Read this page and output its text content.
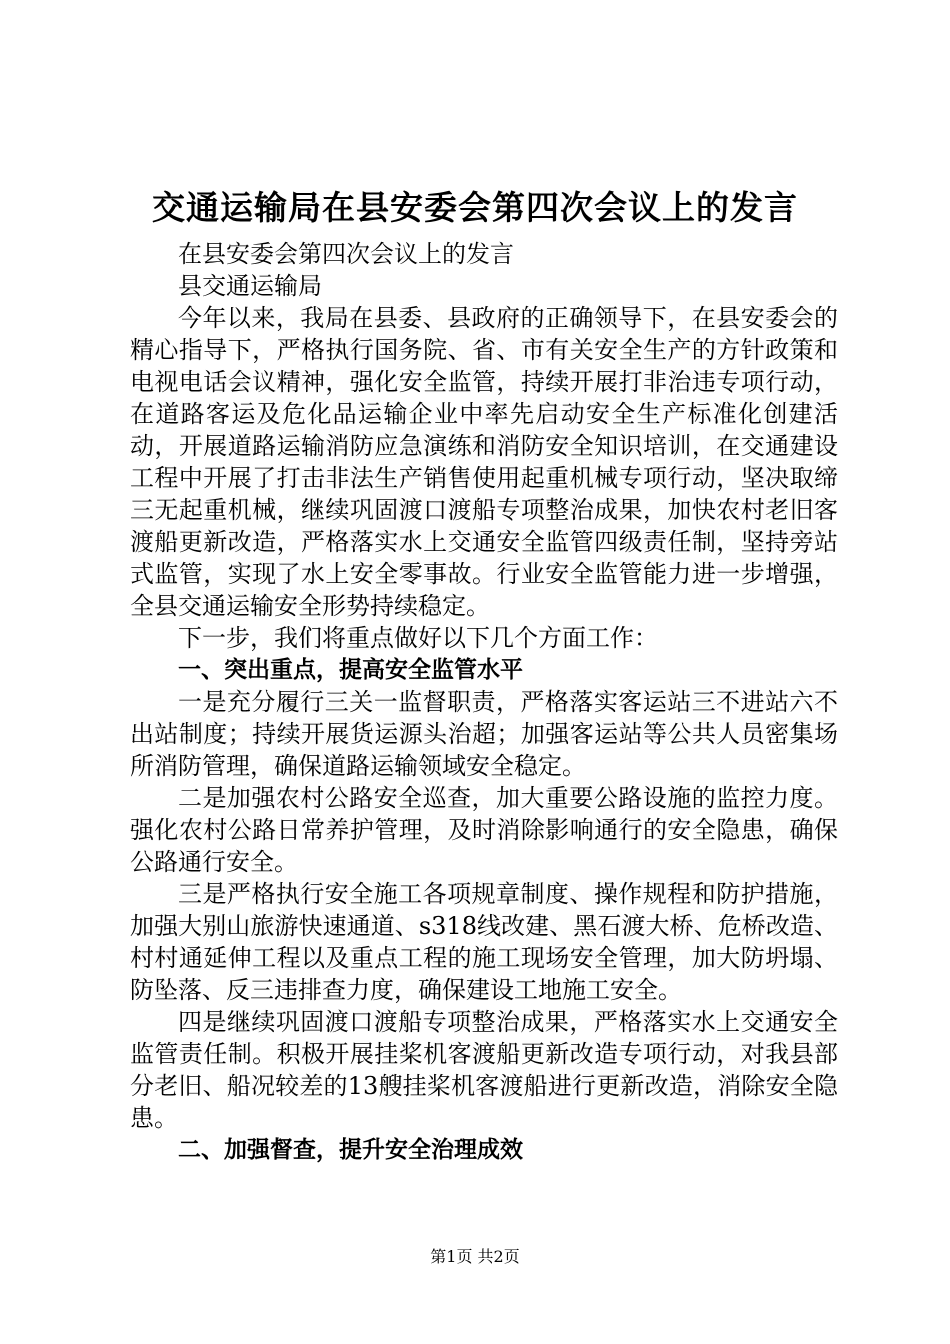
交通运输局在县安委会第四次会议上的发言

在县安委会第四次会议上的发言

县交通运输局

今年以来，我局在县委、县政府的正确领导下，在县安委会的精心指导下，严格执行国务院、省、市有关安全生产的方针政策和电视电话会议精神，强化安全监管，持续开展打非治违专项行动，在道路客运及危化品运输企业中率先启动安全生产标准化创建活动，开展道路运输消防应急演练和消防安全知识培训，在交通建设工程中开展了打击非法生产销售使用起重机械专项行动，坚决取缔三无起重机械，继续巩固渡口渡船专项整治成果，加快农村老旧客渡船更新改造，严格落实水上交通安全监管四级责任制，坚持旁站式监管，实现了水上安全零事故。行业安全监管能力进一步增强，全县交通运输安全形势持续稳定。

下一步，我们将重点做好以下几个方面工作：

一、突出重点，提高安全监管水平

一是充分履行三关一监督职责，严格落实客运站三不进站六不出站制度；持续开展货运源头治超；加强客运站等公共人员密集场所消防管理，确保道路运输领域安全稳定。

二是加强农村公路安全巡查，加大重要公路设施的监控力度。强化农村公路日常养护管理，及时消除影响通行的安全隐患，确保公路通行安全。

三是严格执行安全施工各项规章制度、操作规程和防护措施，加强大别山旅游快速通道、s318线改建、黑石渡大桥、危桥改造、村村通延伸工程以及重点工程的施工现场安全管理，加大防坍塌、防坠落、反三违排查力度，确保建设工地施工安全。

四是继续巩固渡口渡船专项整治成果，严格落实水上交通安全监管责任制。积极开展挂桨机客渡船更新改造专项行动，对我县部分老旧、船况较差的13艘挂桨机客渡船进行更新改造，消除安全隐患。

二、加强督查，提升安全治理成效

第1页 共2页
